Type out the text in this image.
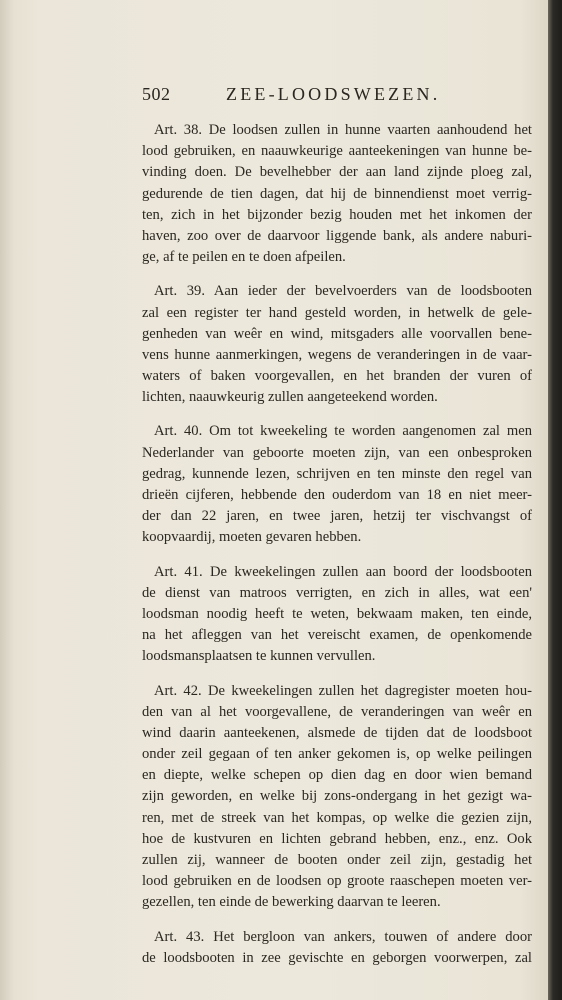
502	ZEE-LOODSWEZEN.

Art. 38. De loodsen zullen in hunne vaarten aanhoudend het
lood gebruiken, en naauwkeurige aanteekeningen van hunne be-
vinding doen. De bevelhebber der aan land zijnde ploeg zal,
gedurende de tien dagen, dat hij de binnendienst moet verrig-
ten, zich in het bijzonder bezig houden met het inkomen der
haven, zoo over de daarvoor liggende bank, als andere naburi-
ge, af te peilen en te doen afpeilen.

Art. 39. Aan ieder der bevelvoerders van de loodsbooten
zal een register ter hand gesteld worden, in hetwelk de gele-
genheden van weêr en wind, mitsgaders alle voorvallen bene-
vens hunne aanmerkingen, wegens de veranderingen in de vaar-
waters of baken voorgevallen, en het branden der vuren of
lichten, naauwkeurig zullen aangeteekend worden.

Art. 40. Om tot kweekeling te worden aangenomen zal men
Nederlander van geboorte moeten zijn, van een onbesproken
gedrag, kunnende lezen, schrijven en ten minste den regel van
drieën cijferen, hebbende den ouderdom van 18 en niet meer-
der dan 22 jaren, en twee jaren, hetzij ter vischvangst of
koopvaardij, moeten gevaren hebben.

Art. 41. De kweekelingen zullen aan boord der loodsbooten
de dienst van matroos verrigten, en zich in alles, wat een'
loodsman noodig heeft te weten, bekwaam maken, ten einde,
na het afleggen van het vereischt examen, de openkomende
loodsmansplaatsen te kunnen vervullen.

Art. 42. De kweekelingen zullen het dagregister moeten hou-
den van al het voorgevallene, de veranderingen van weêr en
wind daarin aanteekenen, alsmede de tijden dat de loodsboot
onder zeil gegaan of ten anker gekomen is, op welke peilingen
en diepte, welke schepen op dien dag en door wien bemand
zijn geworden, en welke bij zons-ondergang in het gezigt wa-
ren, met de streek van het kompas, op welke die gezien zijn,
hoe de kustvuren en lichten gebrand hebben, enz., enz. Ook
zullen zij, wanneer de booten onder zeil zijn, gestadig het
lood gebruiken en de loodsen op groote raaschepen moeten ver-
gezellen, ten einde de bewerking daarvan te leeren.

Art. 43. Het bergloon van ankers, touwen of andere door
de loodsbooten in zee gevischte en geborgen voorwerpen, zal
